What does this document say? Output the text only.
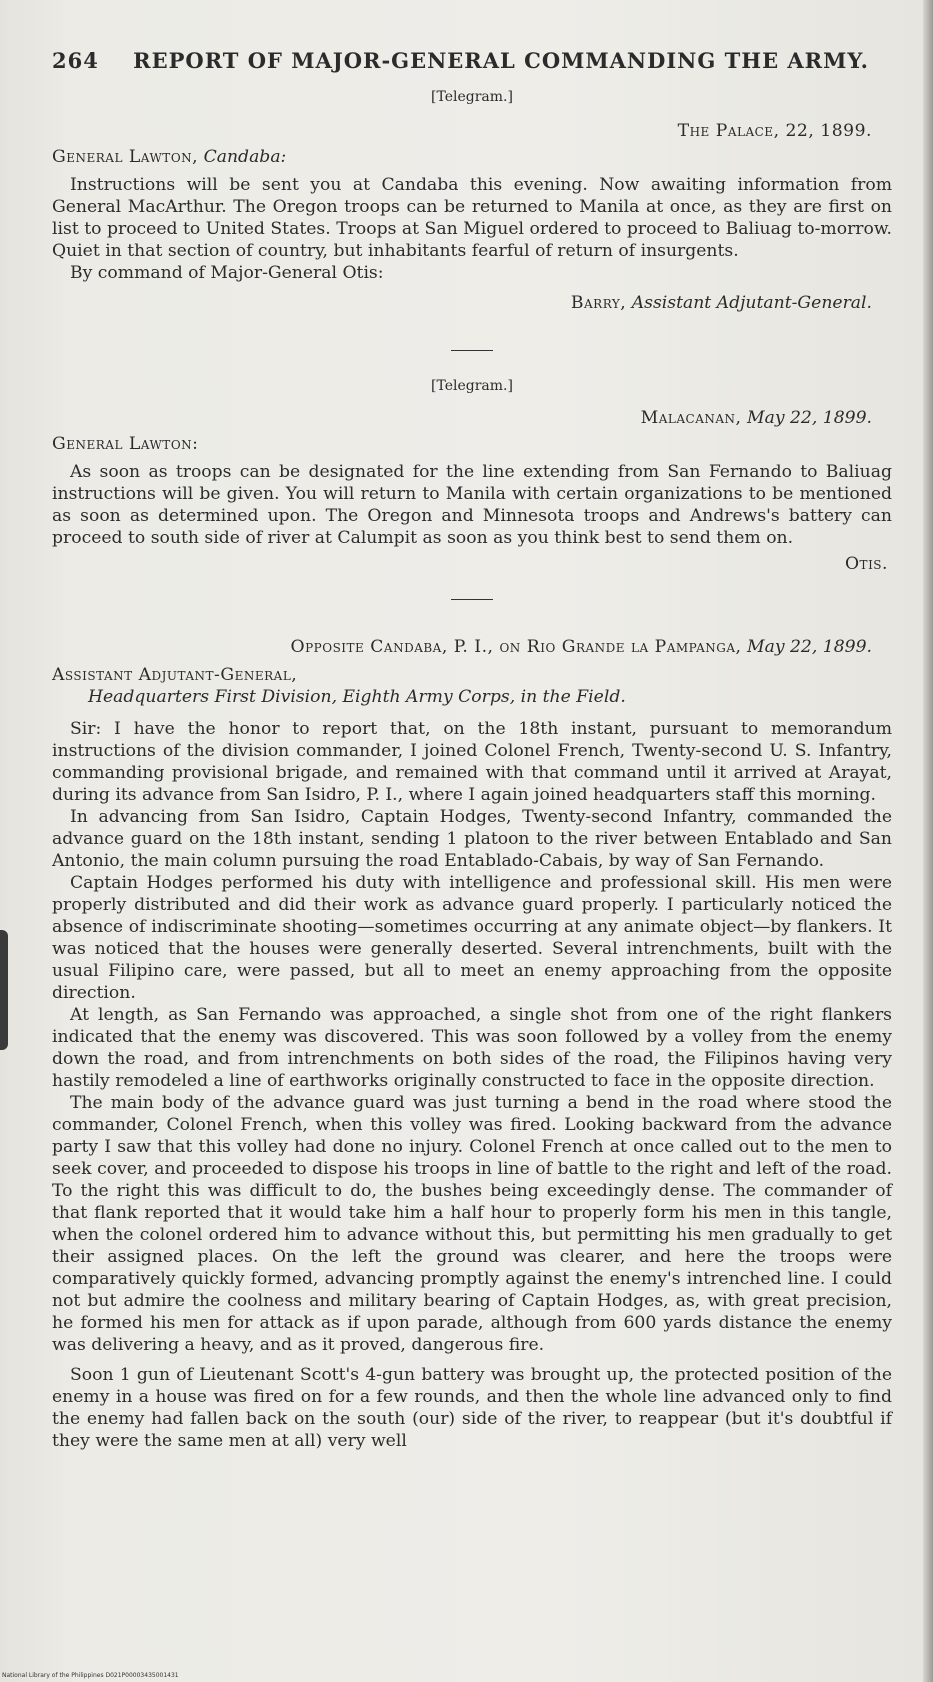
264 REPORT OF MAJOR-GENERAL COMMANDING THE ARMY.
[Telegram.]
The Palace, 22, 1899.
General Lawton, Candaba:

Instructions will be sent you at Candaba this evening. Now awaiting information from General MacArthur. The Oregon troops can be returned to Manila at once, as they are first on list to proceed to United States. Troops at San Miguel ordered to proceed to Baliuag to-morrow. Quiet in that section of country, but inhabitants fearful of return of insurgents.

By command of Major-General Otis:

Barry, Assistant Adjutant-General.
[Telegram.]
Malacanan, May 22, 1899.
General Lawton:

As soon as troops can be designated for the line extending from San Fernando to Baliuag instructions will be given. You will return to Manila with certain organizations to be mentioned as soon as determined upon. The Oregon and Minnesota troops and Andrews's battery can proceed to south side of river at Calumpit as soon as you think best to send them on.

Otis.
Opposite Candaba, P. I., on Rio Grande la Pampanga, May 22, 1899.
Assistant Adjutant-General,
Headquarters First Division, Eighth Army Corps, in the Field.

Sir: I have the honor to report that, on the 18th instant, pursuant to memorandum instructions of the division commander, I joined Colonel French, Twenty-second U. S. Infantry, commanding provisional brigade, and remained with that command until it arrived at Arayat, during its advance from San Isidro, P. I., where I again joined headquarters staff this morning.

In advancing from San Isidro, Captain Hodges, Twenty-second Infantry, commanded the advance guard on the 18th instant, sending 1 platoon to the river between Entablado and San Antonio, the main column pursuing the road Entablado-Cabais, by way of San Fernando.

Captain Hodges performed his duty with intelligence and professional skill. His men were properly distributed and did their work as advance guard properly. I particularly noticed the absence of indiscriminate shooting—sometimes occurring at any animate object—by flankers. It was noticed that the houses were generally deserted. Several intrenchments, built with the usual Filipino care, were passed, but all to meet an enemy approaching from the opposite direction.

At length, as San Fernando was approached, a single shot from one of the right flankers indicated that the enemy was discovered. This was soon followed by a volley from the enemy down the road, and from intrenchments on both sides of the road, the Filipinos having very hastily remodeled a line of earthworks originally constructed to face in the opposite direction.

The main body of the advance guard was just turning a bend in the road where stood the commander, Colonel French, when this volley was fired. Looking backward from the advance party I saw that this volley had done no injury. Colonel French at once called out to the men to seek cover, and proceeded to dispose his troops in line of battle to the right and left of the road. To the right this was difficult to do, the bushes being exceedingly dense. The commander of that flank reported that it would take him a half hour to properly form his men in this tangle, when the colonel ordered him to advance without this, but permitting his men gradually to get their assigned places. On the left the ground was clearer, and here the troops were comparatively quickly formed, advancing promptly against the enemy's intrenched line. I could not but admire the coolness and military bearing of Captain Hodges, as, with great precision, he formed his men for attack as if upon parade, although from 600 yards distance the enemy was delivering a heavy, and as it proved, dangerous fire.

Soon 1 gun of Lieutenant Scott's 4-gun battery was brought up, the protected position of the enemy in a house was fired on for a few rounds, and then the whole line advanced only to find the enemy had fallen back on the south (our) side of the river, to reappear (but it's doubtful if they were the same men at all) very well

National Library of the Philippines D021P00003435001431
